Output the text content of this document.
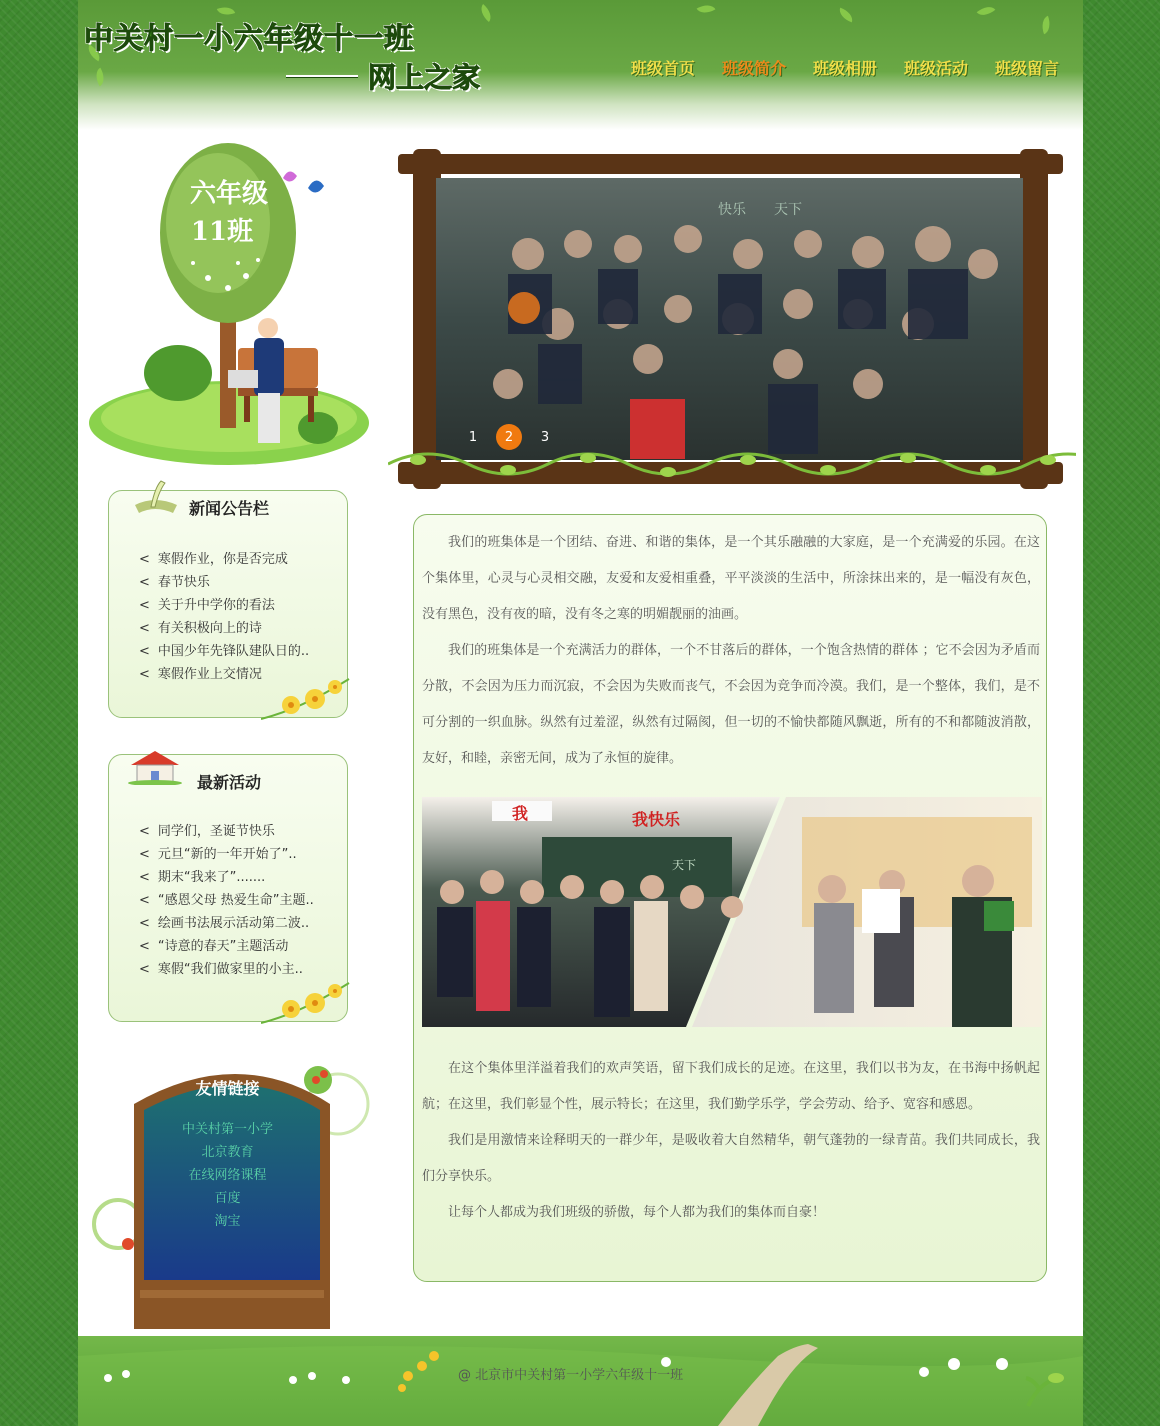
中关村一小六年级十一班
网上之家	班级首页 班级简介 班级相册 班级活动 班级留言
六年级
11班
新闻公告栏
< 寒假作业，你是否完成
< 春节快乐
< 关于升中学你的看法
< 有关积极向上的诗
< 中国少年先锋队建队日的..
< 寒假作业上交情况
最新活动
< 同学们，圣诞节快乐
< 元旦“新的一年开始了”..
< 期末“我来了”.......
< “感恩父母 热爱生命”主题..
< 绘画书法展示活动第二波..
< “诗意的春天”主题活动
< 寒假“我们做家里的小主..
友情链接
中关村第一小学
北京教育
在线网络课程
百度
淘宝
快乐 天下
1	2	3

我们的班集体是一个团结、奋进、和谐的集体，是一个其乐融融的大家庭，是一个充满爱的乐园。在这个集体里，心灵与心灵相交融，友爱和友爱相重叠，平平淡淡的生活中，所涂抹出来的，是一幅没有灰色，没有黑色，没有夜的暗，没有冬之寒的明媚靓丽的油画。

我们的班集体是一个充满活力的群体，一个不甘落后的群体，一个饱含热情的群体 ；它不会因为矛盾而分散，不会因为压力而沉寂，不会因为失败而丧气，不会因为竞争而冷漠。我们，是一个整体，我们，是不可分割的一织血脉。纵然有过羞涩，纵然有过隔阂，但一切的不愉快都随风飘逝，所有的不和都随波消散，友好，和睦，亲密无间，成为了永恒的旋律。

我	我快乐
天下

在这个集体里洋溢着我们的欢声笑语，留下我们成长的足迹。在这里，我们以书为友，在书海中扬帆起航；在这里，我们彰显个性，展示特长；在这里，我们勤学乐学，学会劳动、给予、宽容和感恩。

我们是用激情来诠释明天的一群少年，是吸收着大自然精华，朝气蓬勃的一绿青苗。我们共同成长，我们分享快乐。

让每个人都成为我们班级的骄傲，每个人都为我们的集体而自豪！

@ 北京市中关村第一小学六年级十一班
